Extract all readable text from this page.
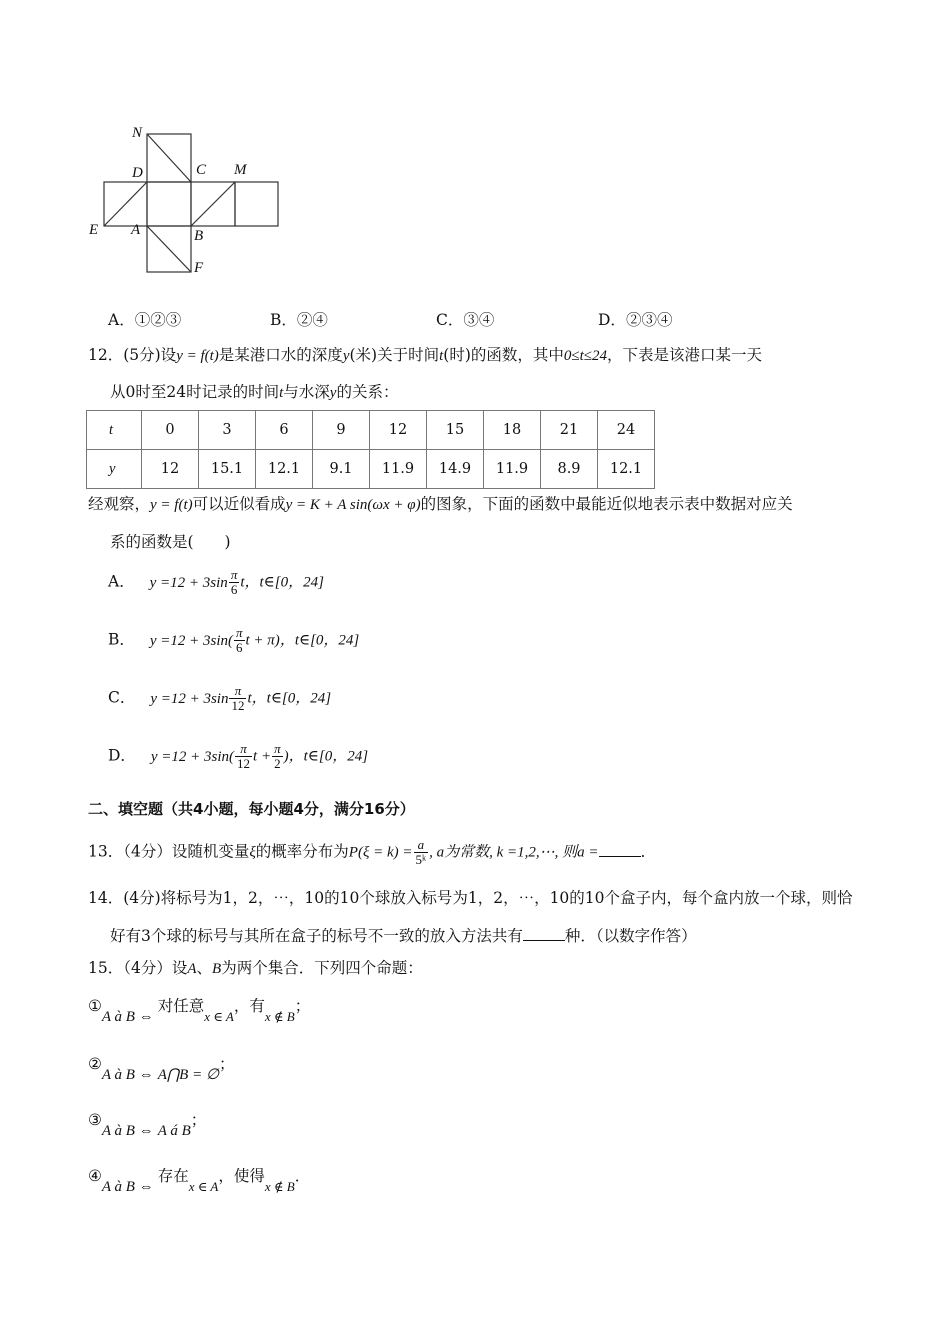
N
D	C M
E A	B
F
A．①②③	B．②④	C．③④	D．②③④
12．(5分)设y = f(t)是某港口水的深度y(米)关于时间t(时)的函数，其中0≤t≤24，下表是该港口某一天
从0时至24时记录的时间t与水深y的关系：
t	0	3	6	9	12	15	18	21	24
y	12	15.1	12.1	9.1	11.9	14.9	11.9	8.9	12.1
经观察，y = f(t)可以近似看成y = K + A sin(ωx + φ)的图象，下面的函数中最能近似地表示表中数据对应关
系的函数是(　　)
A． $y =12 + 3\sin \frac{\pi}{6}$ t，t∈[0，24]
B． $y =12 + 3\sin( \frac{\pi}{6}$ t + π)，t∈[0，24]
C． $y =12 + 3\sin \frac{\pi}{12}$ t，t∈[0，24]
D． $y =12 + 3\sin( \frac{\pi}{12}$ $t + \frac{\pi}{2}$ )，t∈[0，24]
二、填空题（共4小题，每小题4分，满分16分）
13．（4分）设随机变量ξ的概率分布为$P(\xi = k) = \frac{a}{\text{5ᵏ}}$ , a为常数, k =1,2,⋯, 则a =	．
14．(4分)将标号为1，2，⋯，10的10个球放入标号为1，2，⋯，10的10个盒子内，每个盒内放一个球，则恰
好有3个球的标号与其所在盒子的标号不一致的放入方法共有	种．（以数字作答）
15．（4分）设A、B为两个集合．下列四个命题：
①A à B ⇔对任意$_{x \in A}$，有$_{x \notin B}$；
②A à B ⇔ A⋂B = ∅；
③A à B ⇔ A á B；
④A à B ⇔存在$_{x \in A}$，使得$_{x \notin B}$．
